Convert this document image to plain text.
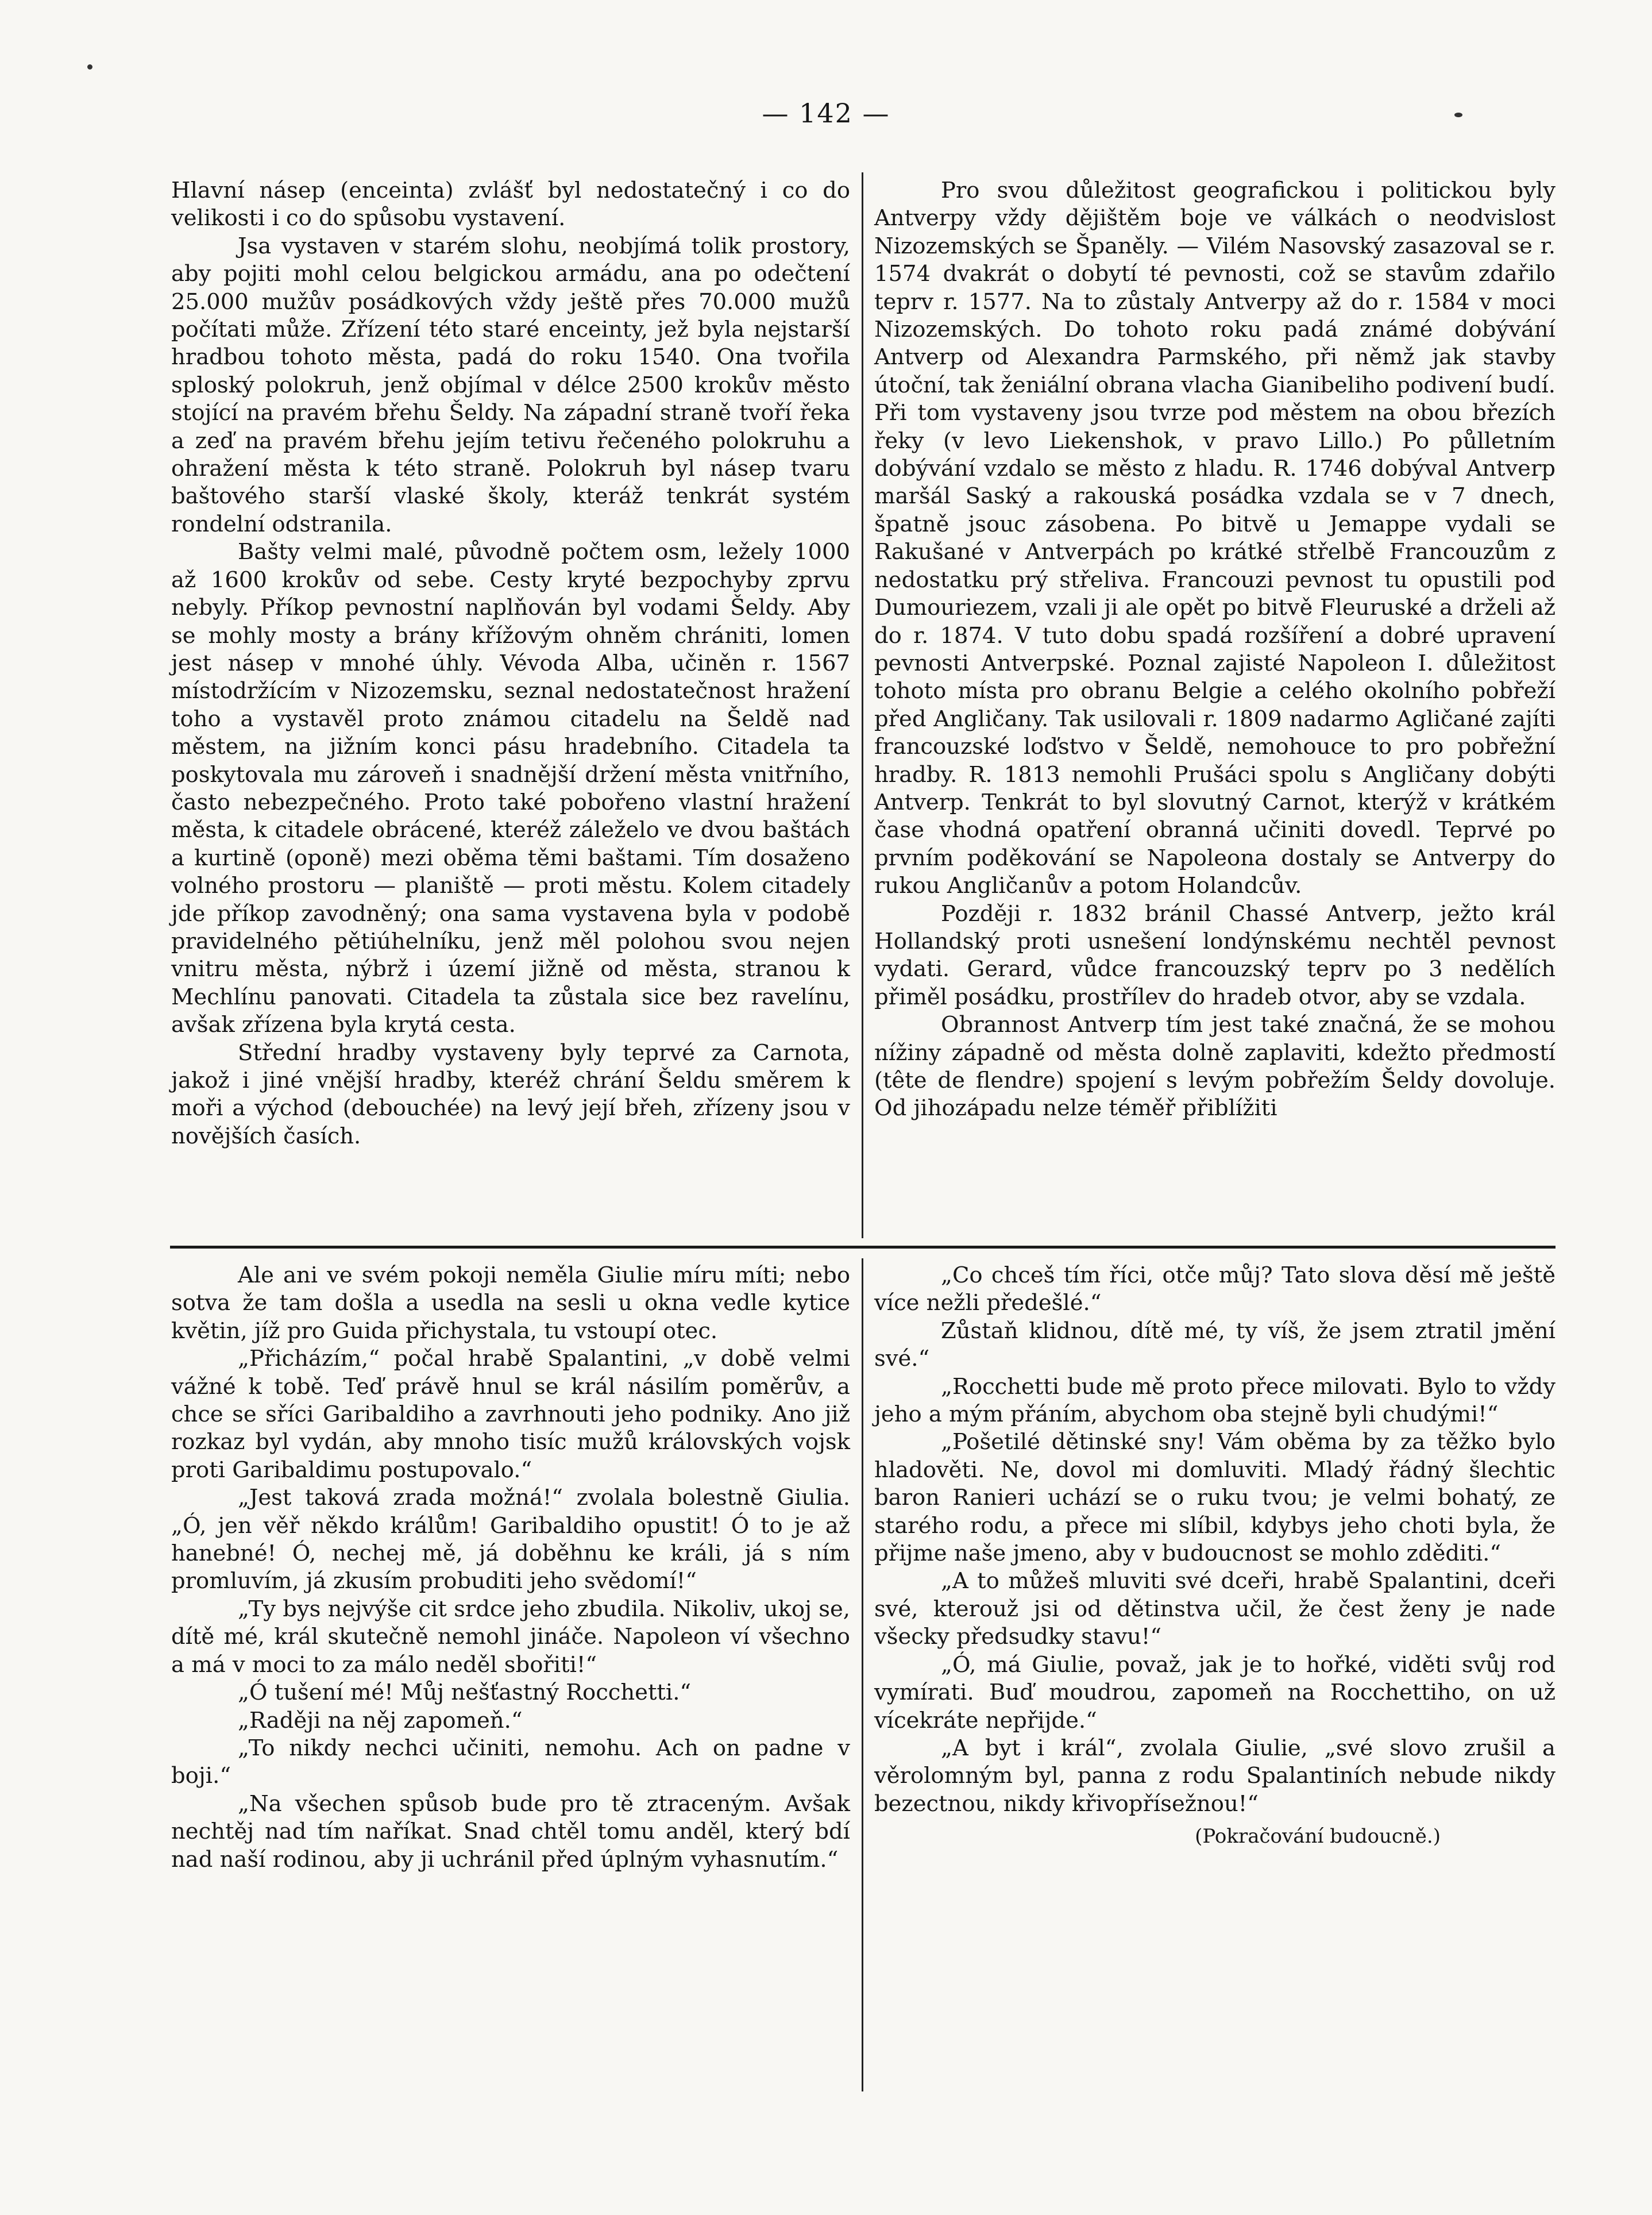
— 142 —

Hlavní násep (enceinta) zvlášť byl nedostatečný i co do velikosti i co do spůsobu vystavení.

Jsa vystaven v starém slohu, neobjímá tolik prostory, aby pojiti mohl celou belgickou armádu, ana po odečtení 25.000 mužův posádkových vždy ještě přes 70.000 mužů počítati může. Zřízení této staré enceinty, jež byla nejstarší hradbou tohoto města, padá do roku 1540. Ona tvořila sploský polokruh, jenž objímal v délce 2500 krokův město stojící na pravém břehu Šeldy. Na západní straně tvoří řeka a zeď na pravém břehu jejím tetivu řečeného polokruhu a ohražení města k této straně. Polokruh byl násep tvaru baštového starší vlaské školy, kteráž tenkrát systém rondelní odstranila.

Bašty velmi malé, původně počtem osm, ležely 1000 až 1600 krokův od sebe. Cesty kryté bezpochyby zprvu nebyly. Příkop pevnostní naplňován byl vodami Šeldy. Aby se mohly mosty a brány křížovým ohněm chrániti, lomen jest násep v mnohé úhly. Vévoda Alba, učiněn r. 1567 místodržícím v Nizozemsku, seznal nedostatečnost hražení toho a vystavěl proto známou citadelu na Šeldě nad městem, na jižním konci pásu hradebního. Citadela ta poskytovala mu zároveň i snadnější držení města vnitřního, často nebezpečného. Proto také pobořeno vlastní hražení města, k citadele obrácené, kteréž záleželo ve dvou baštách a kurtině (oponě) mezi oběma těmi baštami. Tím dosaženo volného prostoru — planiště — proti městu. Kolem citadely jde příkop zavodněný; ona sama vystavena byla v podobě pravidelného pětiúhelníku, jenž měl polohou svou nejen vnitru města, nýbrž i území jižně od města, stranou k Mechlínu panovati. Citadela ta zůstala sice bez ravelínu, avšak zřízena byla krytá cesta.

Střední hradby vystaveny byly teprvé za Carnota, jakož i jiné vnější hradby, kteréž chrání Šeldu směrem k moři a východ (debouchée) na levý její břeh, zřízeny jsou v novějších časích.

Pro svou důležitost geografickou i politickou byly Antverpy vždy dějištěm boje ve válkách o neodvislost Nizozemských se Španěly. — Vilém Nasovský zasazoval se r. 1574 dvakrát o dobytí té pevnosti, což se stavům zdařilo teprv r. 1577. Na to zůstaly Antverpy až do r. 1584 v moci Nizozemských. Do tohoto roku padá známé dobývání Antverp od Alexandra Parmského, při němž jak stavby útoční, tak ženiální obrana vlacha Gianibeliho podivení budí. Při tom vystaveny jsou tvrze pod městem na obou březích řeky (v levo Liekenshok, v pravo Lillo.) Po půlletním dobývání vzdalo se město z hladu. R. 1746 dobýval Antverp maršál Saský a rakouská posádka vzdala se v 7 dnech, špatně jsouc zásobena. Po bitvě u Jemappe vydali se Rakušané v Antverpách po krátké střelbě Francouzům z nedostatku prý střeliva. Francouzi pevnost tu opustili pod Dumouriezem, vzali ji ale opět po bitvě Fleuruské a drželi až do r. 1874. V tuto dobu spadá rozšíření a dobré upravení pevnosti Antverpské. Poznal zajisté Napoleon I. důležitost tohoto místa pro obranu Belgie a celého okolního pobřeží před Angličany. Tak usilovali r. 1809 nadarmo Agličané zajíti francouzské loďstvo v Šeldě, nemohouce to pro pobřežní hradby. R. 1813 nemohli Prušáci spolu s Angličany dobýti Antverp. Tenkrát to byl slovutný Carnot, kterýž v krátkém čase vhodná opatření obranná učiniti dovedl. Teprvé po prvním poděkování se Napoleona dostaly se Antverpy do rukou Angličanův a potom Holandcův.

Později r. 1832 bránil Chassé Antverp, ježto král Hollandský proti usnešení londýnskému nechtěl pevnost vydati. Gerard, vůdce francouzský teprv po 3 nedělích přiměl posádku, prostřílev do hradeb otvor, aby se vzdala.

Obrannost Antverp tím jest také značná, že se mohou nížiny západně od města dolně zaplaviti, kdežto předmostí (tête de flendre) spojení s levým pobřežím Šeldy dovoluje. Od jihozápadu nelze téměř přiblížiti

Ale ani ve svém pokoji neměla Giulie míru míti; nebo sotva že tam došla a usedla na sesli u okna vedle kytice květin, jíž pro Guida přichystala, tu vstoupí otec.

„Přicházím,“ počal hrabě Spalantini, „v době velmi vážné k tobě. Teď právě hnul se král násilím poměrův, a chce se sříci Garibaldiho a zavrhnouti jeho podniky. Ano již rozkaz byl vydán, aby mnoho tisíc mužů královských vojsk proti Garibaldimu postupovalo.“

„Jest taková zrada možná!“ zvolala bolestně Giulia. „Ó, jen věř někdo králům! Garibaldiho opustit! Ó to je až hanebné! Ó, nechej mě, já doběhnu ke králi, já s ním promluvím, já zkusím probuditi jeho svědomí!“

„Ty bys nejvýše cit srdce jeho zbudila. Nikoliv, ukoj se, dítě mé, král skutečně nemohl jináče. Napoleon ví všechno a má v moci to za málo neděl sbořiti!“

„Ó tušení mé! Můj nešťastný Rocchetti.“

„Raději na něj zapomeň.“

„To nikdy nechci učiniti, nemohu. Ach on padne v boji.“

„Na všechen spůsob bude pro tě ztraceným. Avšak nechtěj nad tím naříkat. Snad chtěl tomu anděl, který bdí nad naší rodinou, aby ji uchránil před úplným vyhasnutím.“

„Co chceš tím říci, otče můj? Tato slova děsí mě ještě více nežli předešlé.“

Zůstaň klidnou, dítě mé, ty víš, že jsem ztratil jmění své.“

„Rocchetti bude mě proto přece milovati. Bylo to vždy jeho a mým přáním, abychom oba stejně byli chudými!“

„Pošetilé dětinské sny! Vám oběma by za těžko bylo hladověti. Ne, dovol mi domluviti. Mladý řádný šlechtic baron Ranieri uchází se o ruku tvou; je velmi bohatý, ze starého rodu, a přece mi slíbil, kdybys jeho choti byla, že přijme naše jmeno, aby v budoucnost se mohlo zděditi.“

„A to můžeš mluviti své dceři, hrabě Spalantini, dceři své, kterouž jsi od dětinstva učil, že čest ženy je nade všecky předsudky stavu!“

„Ó, má Giulie, považ, jak je to hořké, viděti svůj rod vymírati. Buď moudrou, zapomeň na Rocchettiho, on už vícekráte nepřijde.“

„A byt i král“, zvolala Giulie, „své slovo zrušil a věrolomným byl, panna z rodu Spalantiních nebude nikdy bezectnou, nikdy křivopřísežnou!“

(Pokračování budoucně.)
